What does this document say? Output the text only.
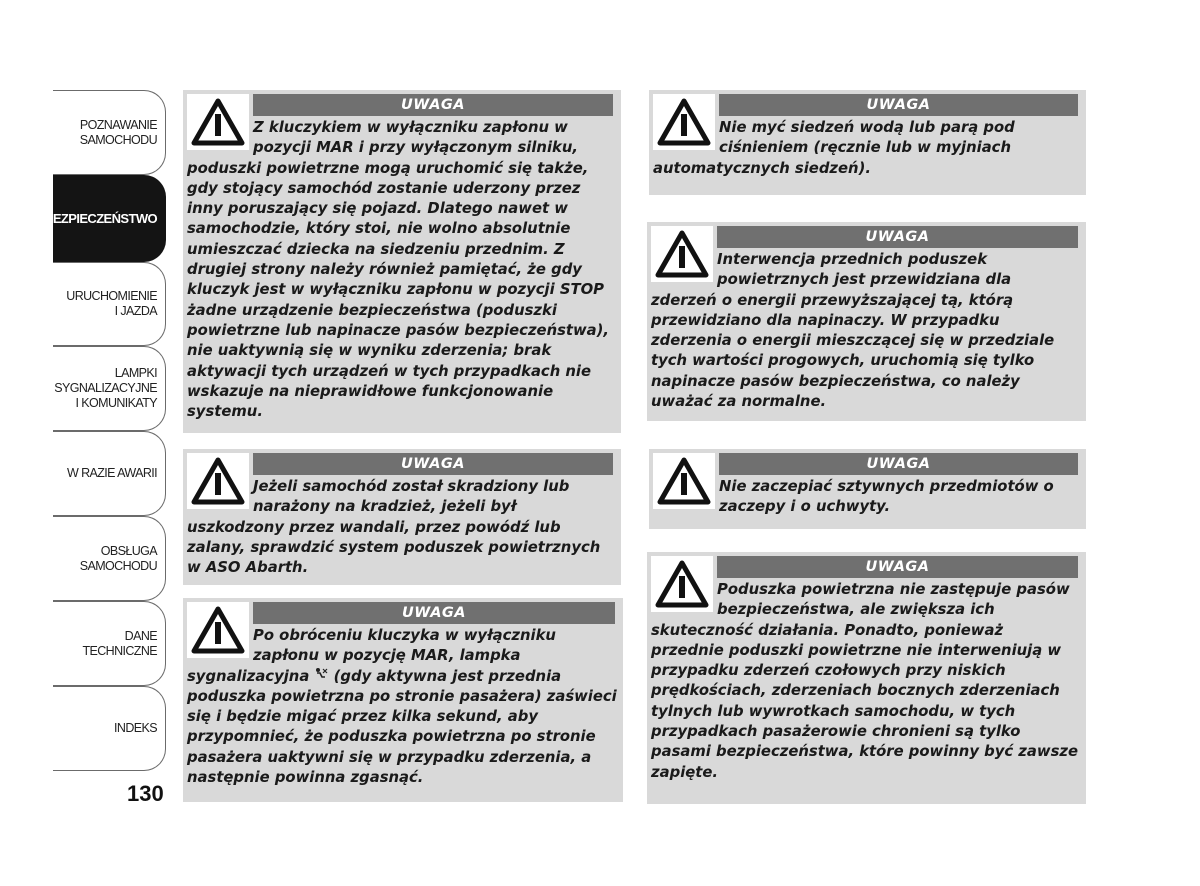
POZNAWANIE
SAMOCHODU
BEZPIECZEŃSTWO
URUCHOMIENIE
I JAZDA
LAMPKI
SYGNALIZACYJNE
I KOMUNIKATY
W RAZIE AWARII
OBSŁUGA
SAMOCHODU
DANE
TECHNICZNE
INDEKS
130
UWAGA

Z kluczykiem w wyłączniku zapłonu w pozycji MAR i przy wyłączonym silniku, poduszki powietrzne mogą uruchomić się także, gdy stojący samochód zostanie uderzony przez inny poruszający się pojazd. Dlatego nawet w samochodzie, który stoi, nie wolno absolutnie umieszczać dziecka na siedzeniu przednim. Z drugiej strony należy również pamiętać, że gdy kluczyk jest w wyłączniku zapłonu w pozycji STOP żadne urządzenie bezpieczeństwa (poduszki powietrzne lub napinacze pasów bezpieczeństwa), nie uaktywnią się w wyniku zderzenia; brak aktywacji tych urządzeń w tych przypadkach nie wskazuje na nieprawidłowe funkcjonowanie systemu.

UWAGA

Jeżeli samochód został skradziony lub narażony na kradzież, jeżeli był uszkodzony przez wandali, przez powódź lub zalany, sprawdzić system poduszek powietrznych w ASO Abarth.

UWAGA

Po obróceniu kluczyka w wyłączniku zapłonu w pozycję MAR, lampka sygnalizacyjna (gdy aktywna jest przednia poduszka powietrzna po stronie pasażera) zaświeci się i będzie migać przez kilka sekund, aby przypomnieć, że poduszka powietrzna po stronie pasażera uaktywni się w przypadku zderzenia, a następnie powinna zgasnąć.

UWAGA

Nie myć siedzeń wodą lub parą pod ciśnieniem (ręcznie lub w myjniach automatycznych siedzeń).

UWAGA

Interwencja przednich poduszek powietrznych jest przewidziana dla zderzeń o energii przewyższającej tą, którą przewidziano dla napinaczy. W przypadku zderzenia o energii mieszczącej się w przedziale tych wartości progowych, uruchomią się tylko napinacze pasów bezpieczeństwa, co należy uważać za normalne.

UWAGA

Nie zaczepiać sztywnych przedmiotów o zaczepy i o uchwyty.

UWAGA

Poduszka powietrzna nie zastępuje pasów bezpieczeństwa, ale zwiększa ich skuteczność działania. Ponadto, ponieważ przednie poduszki powietrzne nie interweniują w przypadku zderzeń czołowych przy niskich prędkościach, zderzeniach bocznych zderzeniach tylnych lub wywrotkach samochodu, w tych przypadkach pasażerowie chronieni są tylko pasami bezpieczeństwa, które powinny być zawsze zapięte.
